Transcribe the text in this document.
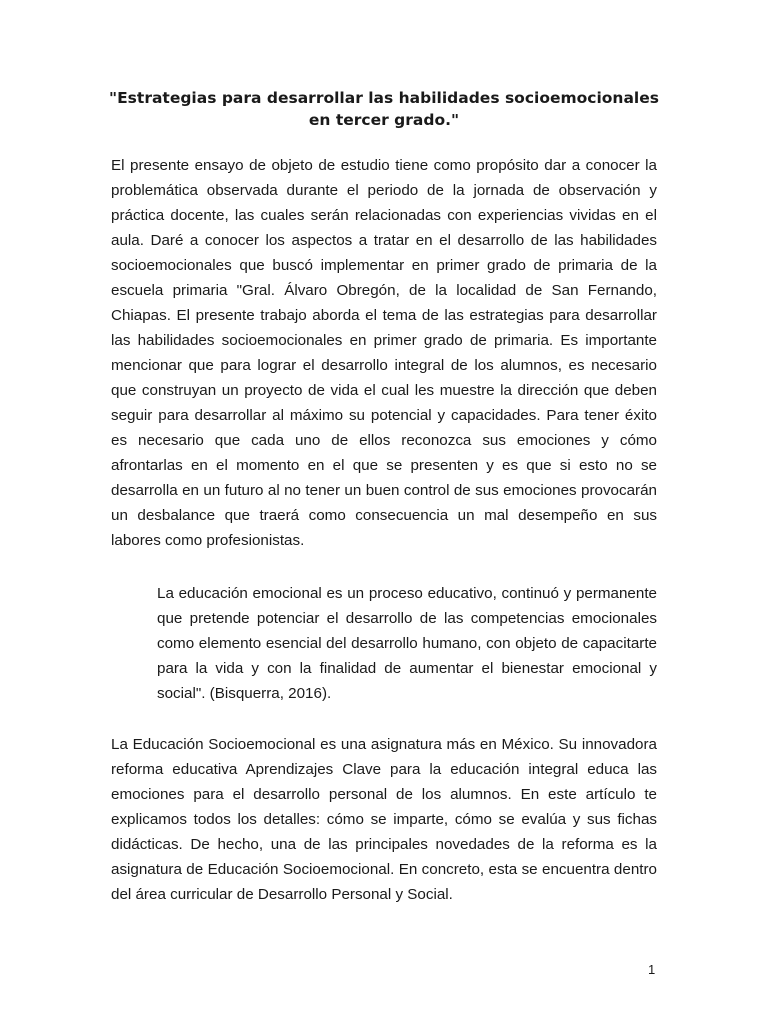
"Estrategias para desarrollar las habilidades socioemocionales en tercer grado."
El presente ensayo de objeto de estudio tiene como propósito dar a conocer la problemática observada durante el periodo de la jornada de observación y práctica docente, las cuales serán relacionadas con experiencias vividas en el aula. Daré a conocer los aspectos a tratar en el desarrollo de las habilidades socioemocionales que buscó implementar en primer grado de primaria de la escuela primaria "Gral. Álvaro Obregón, de la localidad de San Fernando, Chiapas. El presente trabajo aborda el tema de las estrategias para desarrollar las habilidades socioemocionales en primer grado de primaria. Es importante mencionar que para lograr el desarrollo integral de los alumnos, es necesario que construyan un proyecto de vida el cual les muestre la dirección que deben seguir para desarrollar al máximo su potencial y capacidades. Para tener éxito es necesario que cada uno de ellos reconozca sus emociones y cómo afrontarlas en el momento en el que se presenten y es que si esto no se desarrolla en un futuro al no tener un buen control de sus emociones provocarán un desbalance que traerá como consecuencia un mal desempeño en sus labores como profesionistas.
La educación emocional es un proceso educativo, continuó y permanente que pretende potenciar el desarrollo de las competencias emocionales como elemento esencial del desarrollo humano, con objeto de capacitarte para la vida y con la finalidad de aumentar el bienestar emocional y social". (Bisquerra, 2016).
La Educación Socioemocional es una asignatura más en México. Su innovadora reforma educativa Aprendizajes Clave para la educación integral educa las emociones para el desarrollo personal de los alumnos. En este artículo te explicamos todos los detalles: cómo se imparte, cómo se evalúa y sus fichas didácticas. De hecho, una de las principales novedades de la reforma es la asignatura de Educación Socioemocional. En concreto, esta se encuentra dentro del área curricular de Desarrollo Personal y Social.
1
